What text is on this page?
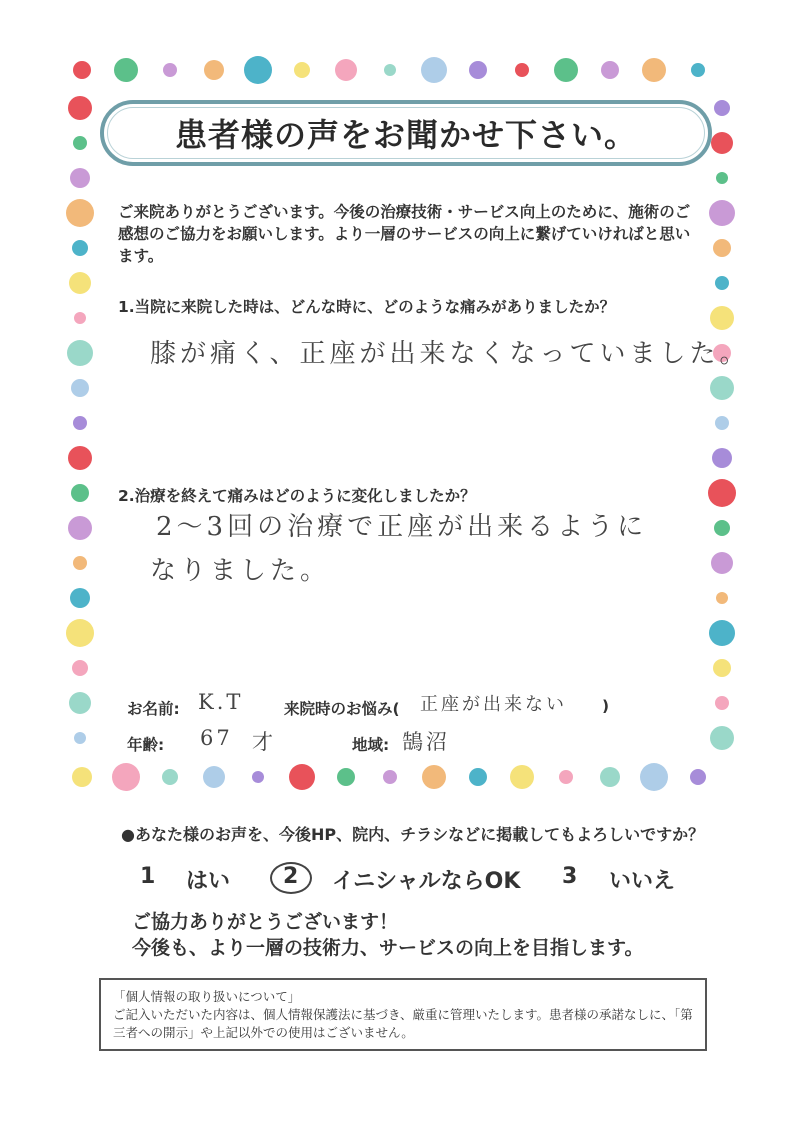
患者様の声をお聞かせ下さい。
ご来院ありがとうございます。今後の治療技術・サービス向上のために、施術のご感想のご協力をお願いします。より一層のサービスの向上に繋げていければと思います。
1.当院に来院した時は、どんな時に、どのような痛みがありましたか？
膝が痛く、正座が出来なくなっていました。
2.治療を終えて痛みはどのように変化しましたか？
2〜3回の治療で正座が出来るように
なりました。
お名前: K.T	来院時のお悩み( 正座が出来ない )
年齢: 67 才	地域: 鵠沼
●あなた様のお声を、今後HP、院内、チラシなどに掲載してもよろしいですか？
1 はい 2 イニシャルならOK 3 いいえ
ご協力ありがとうございます！
今後も、より一層の技術力、サービスの向上を目指します。
「個人情報の取り扱いについて」
ご記入いただいた内容は、個人情報保護法に基づき、厳重に管理いたします。患者様の承諾なしに、「第三者への開示」や上記以外での使用はございません。
